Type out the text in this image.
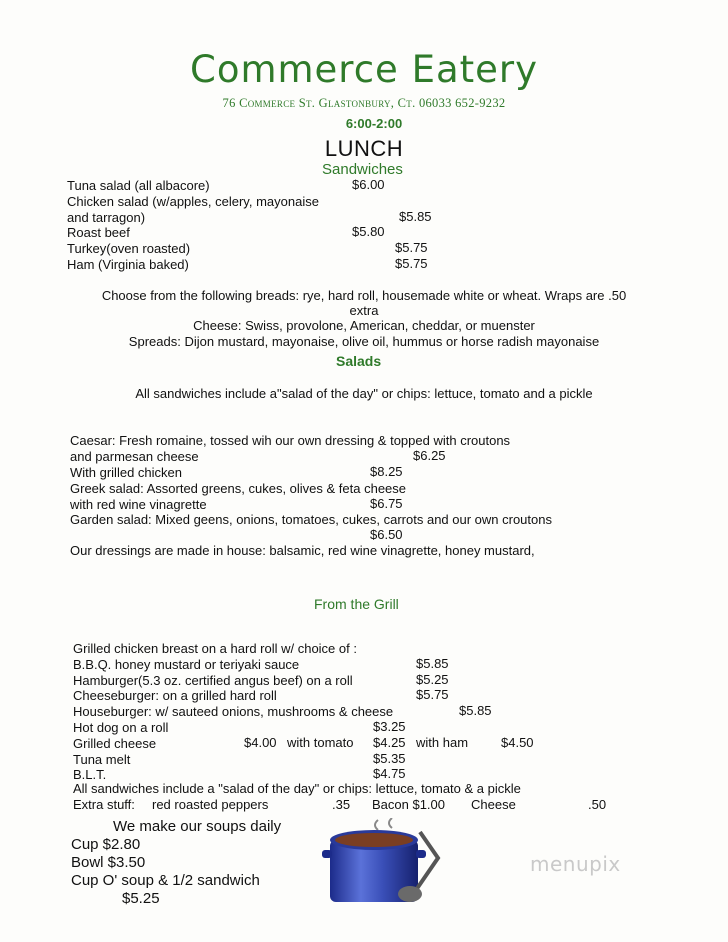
Commerce Eatery
76 Commerce St. Glastonbury, Ct. 06033 652-9232
6:00-2:00
LUNCH
Sandwiches
Tuna salad (all albacore)	$6.00
Chicken salad (w/apples, celery, mayonaise
and tarragon)	$5.85
Roast beef	$5.80
Turkey(oven roasted)	$5.75
Ham (Virginia baked)	$5.75
Choose from the following breads: rye, hard roll, housemade white or wheat. Wraps are .50
extra
Cheese: Swiss, provolone, American, cheddar, or muenster
Spreads: Dijon mustard, mayonaise, olive oil, hummus or horse radish mayonaise
Salads
All sandwiches include a"salad of the day" or chips: lettuce, tomato and a pickle
Caesar: Fresh romaine, tossed wih our own dressing & topped with croutons
and parmesan cheese	$6.25
With grilled chicken	$8.25
Greek salad: Assorted greens, cukes, olives & feta cheese
with red wine vinagrette	$6.75
Garden salad: Mixed geens, onions, tomatoes, cukes, carrots and our own croutons
$6.50
Our dressings are made in house: balsamic, red wine vinagrette, honey mustard,
From the Grill
Grilled chicken breast on a hard roll w/ choice of :
B.B.Q. honey mustard or teriyaki sauce	$5.85
Hamburger(5.3 oz. certified angus beef) on a roll	$5.25
Cheeseburger: on a grilled hard roll	$5.75
Houseburger: w/ sauteed onions, mushrooms & cheese	$5.85
Hot dog on a roll	$3.25
Grilled cheese	$4.00 with tomato $4.25 with ham	$4.50
Tuna melt	$5.35
B.L.T.	$4.75
All sandwiches include a "salad of the day" or chips: lettuce, tomato & a pickle
Extra stuff: red roasted peppers	.35 Bacon $1.00 Cheese	.50
We make our soups daily
Cup $2.80
Bowl $3.50
Cup O' soup & 1/2 sandwich
$5.25
menupix
